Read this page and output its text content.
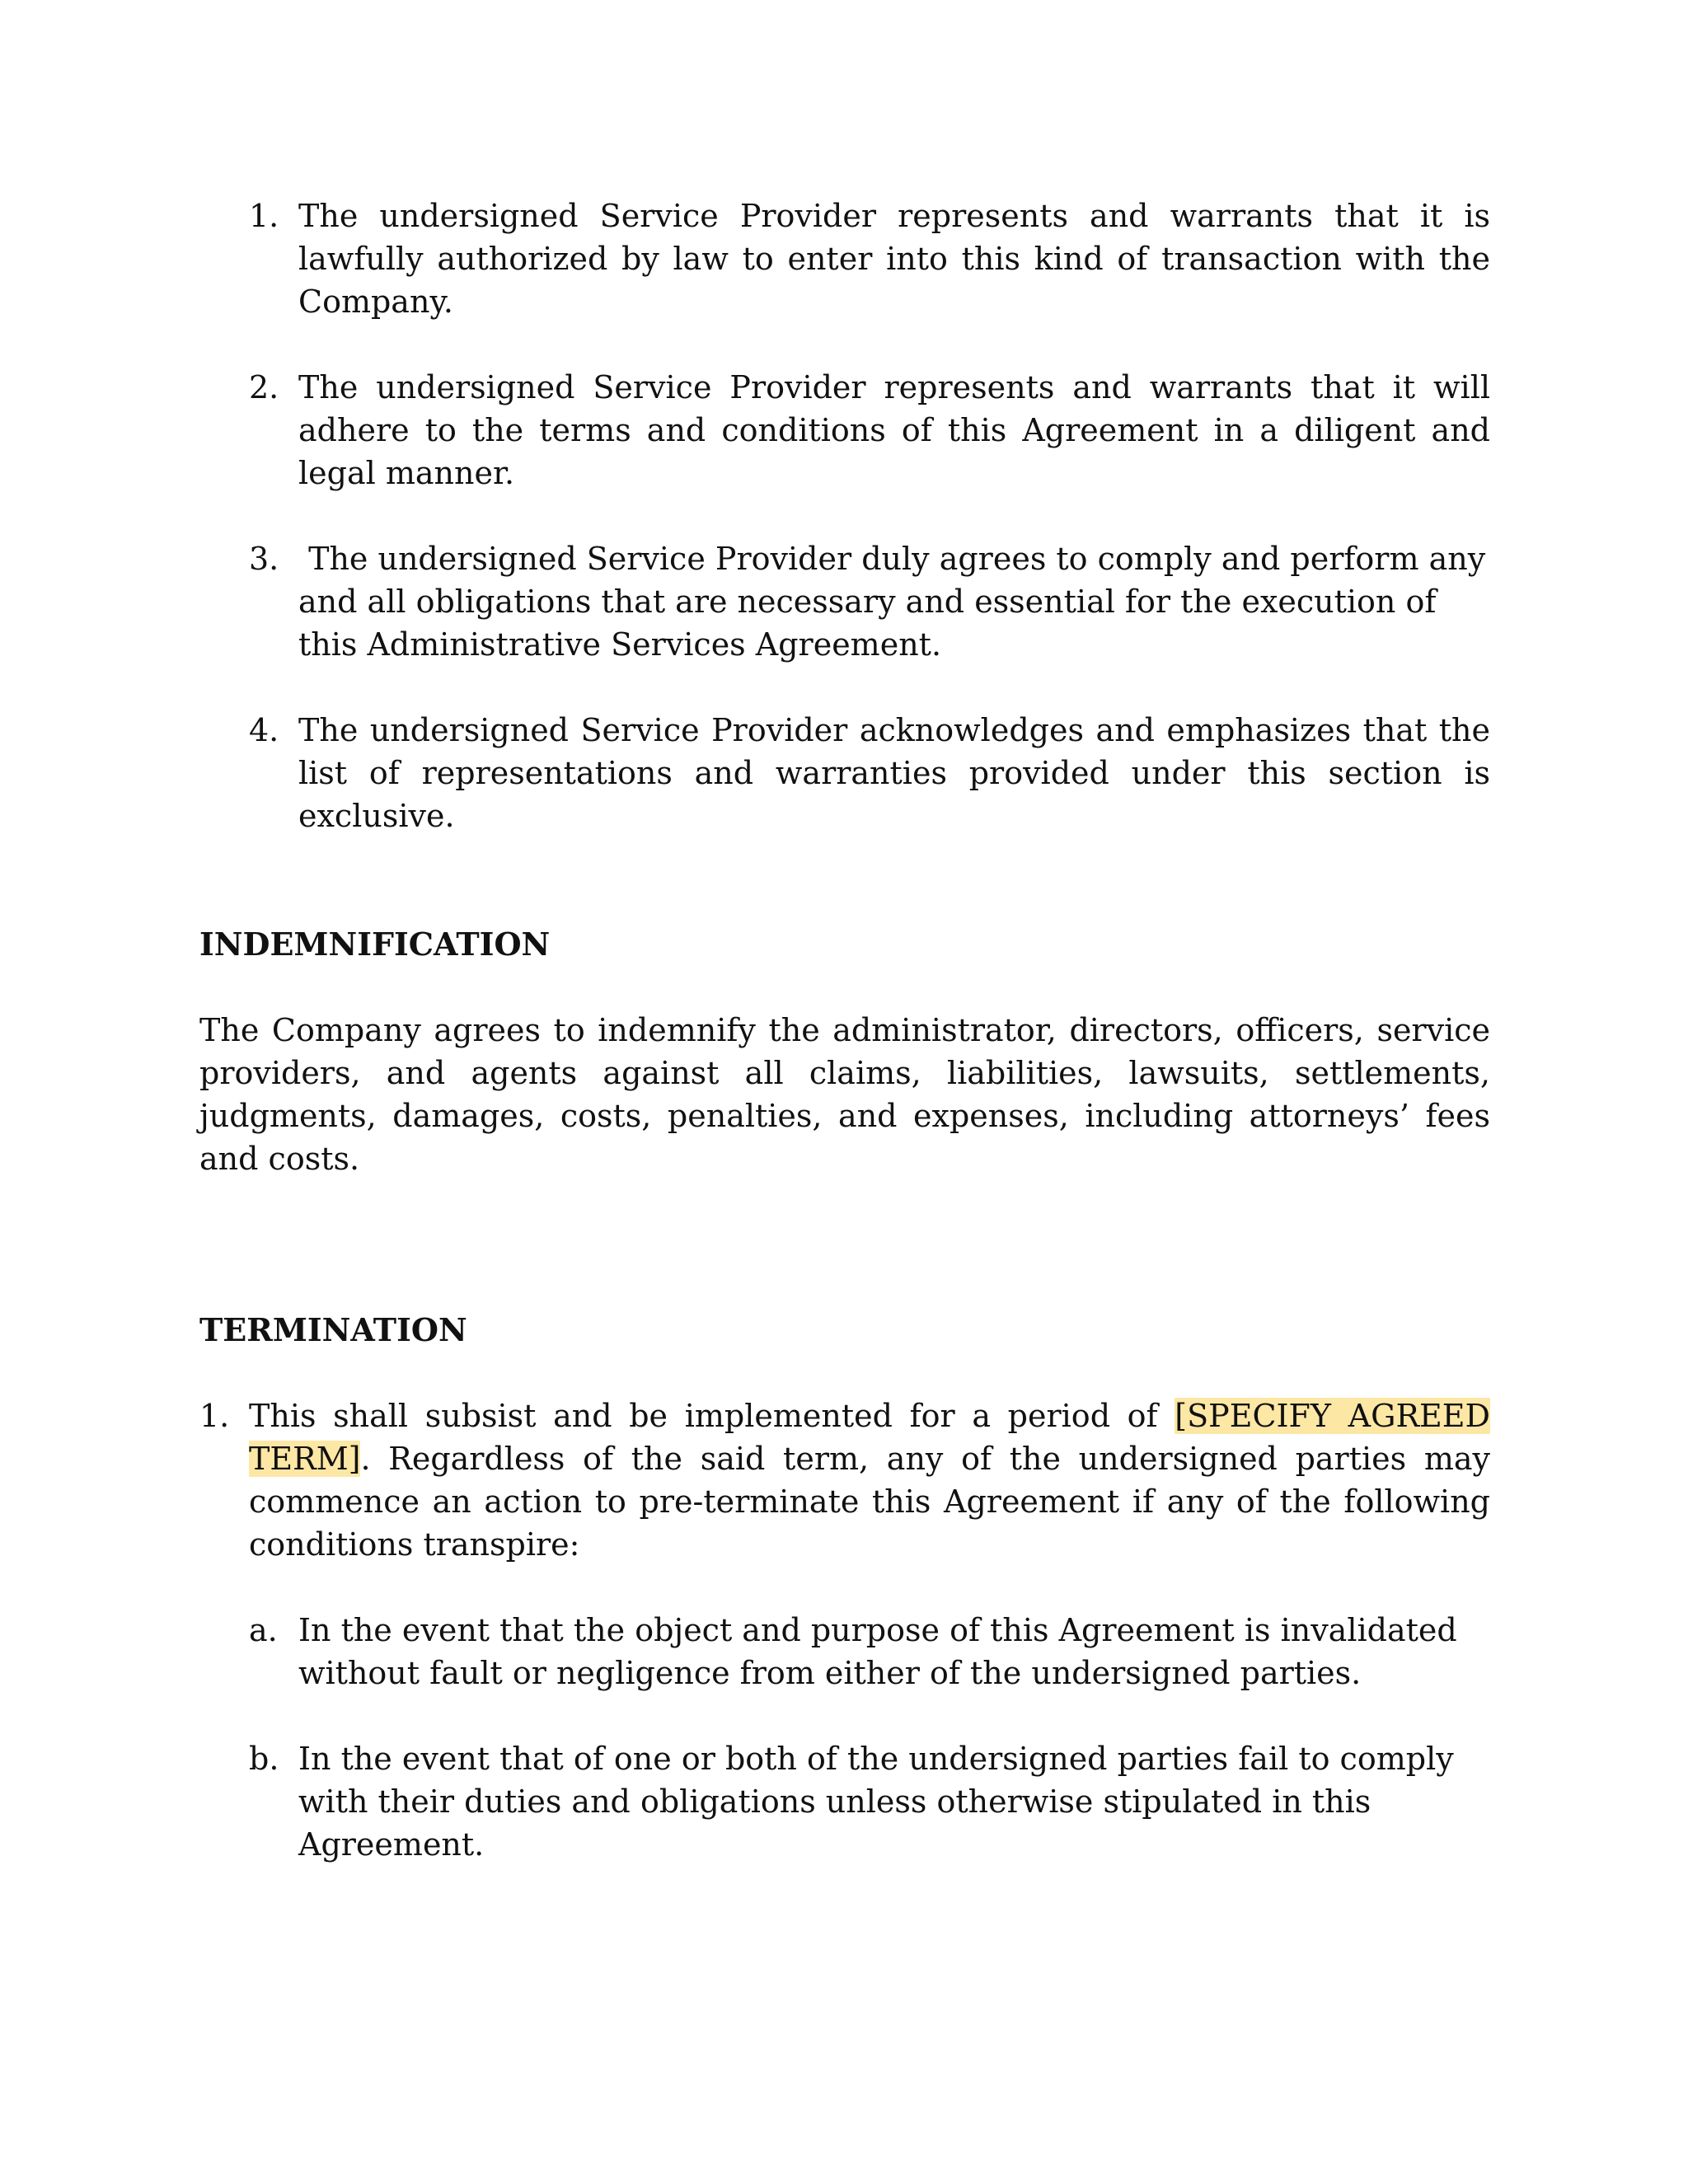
1. The undersigned Service Provider represents and warrants that it is lawfully authorized by law to enter into this kind of transaction with the Company.
2. The undersigned Service Provider represents and warrants that it will adhere to the terms and conditions of this Agreement in a diligent and legal manner.
3. The undersigned Service Provider duly agrees to comply and perform any and all obligations that are necessary and essential for the execution of this Administrative Services Agreement.
4. The undersigned Service Provider acknowledges and emphasizes that the list of representations and warranties provided under this section is exclusive.
INDEMNIFICATION

The Company agrees to indemnify the administrator, directors, officers, service providers, and agents against all claims, liabilities, lawsuits, settlements, judgments, damages, costs, penalties, and expenses, including attorneys’ fees and costs.

TERMINATION
1. This shall subsist and be implemented for a period of [SPECIFY AGREED TERM]. Regardless of the said term, any of the undersigned parties may commence an action to pre-terminate this Agreement if any of the following conditions transpire:
a. In the event that the object and purpose of this Agreement is invalidated without fault or negligence from either of the undersigned parties.
b. In the event that of one or both of the undersigned parties fail to comply with their duties and obligations unless otherwise stipulated in this Agreement.
